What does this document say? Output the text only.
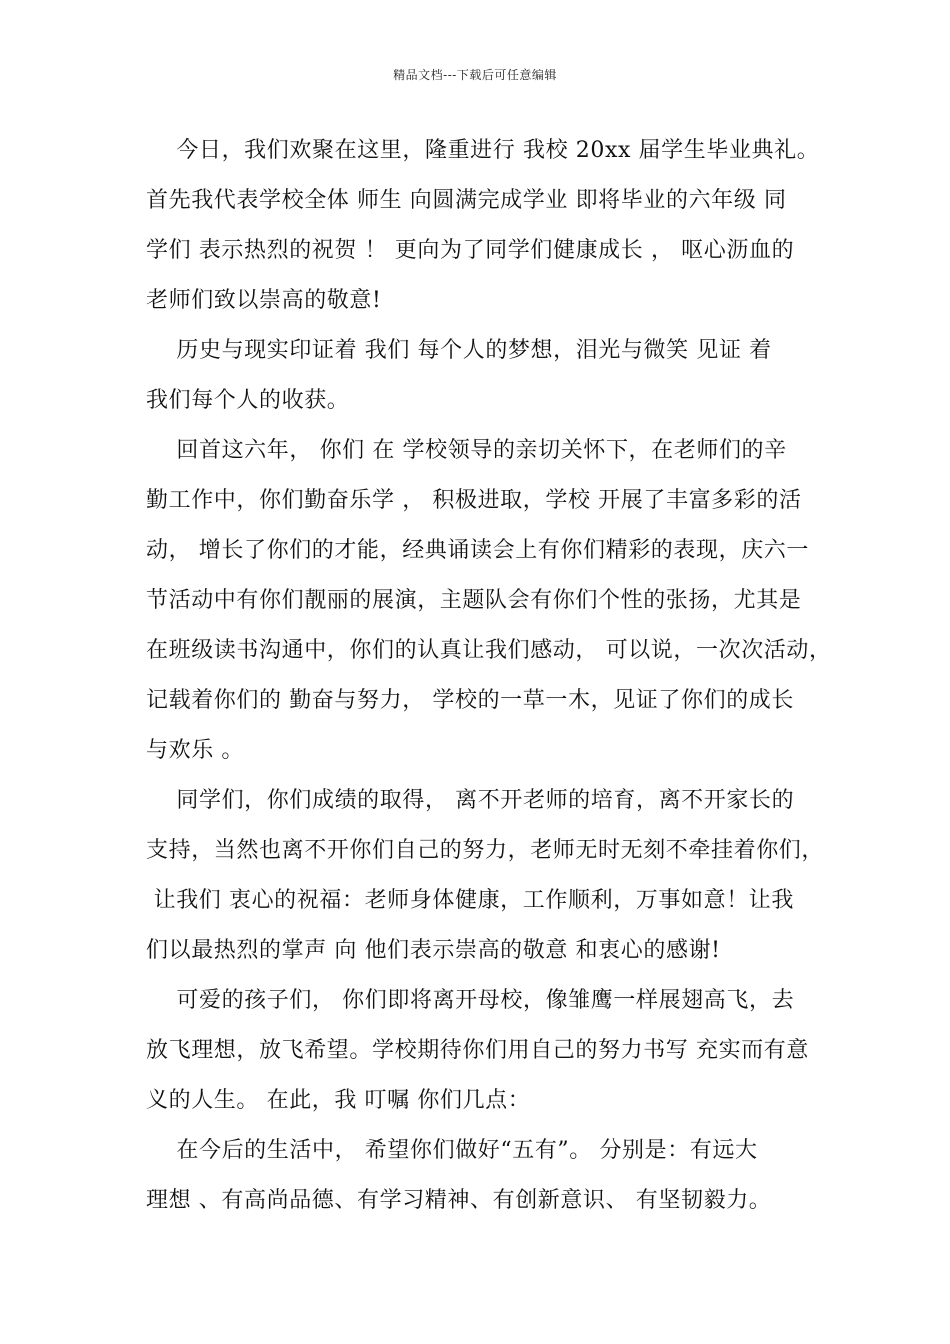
精品文档---下载后可任意编辑
今日，我们欢聚在这里，隆重进行 我校 20xx 届学生毕业典礼。
首先我代表学校全体 师生 向圆满完成学业 即将毕业的六年级 同
学们 表示热烈的祝贺 ！ 更向为了同学们健康成长 ， 呕心沥血的
老师们致以崇高的敬意!
历史与现实印证着 我们 每个人的梦想，泪光与微笑 见证 着
我们每个人的收获。
回首这六年， 你们 在 学校领导的亲切关怀下，在老师们的辛
勤工作中，你们勤奋乐学 ， 积极进取，学校 开展了丰富多彩的活
动， 增长了你们的才能，经典诵读会上有你们精彩的表现，庆六一
节活动中有你们靓丽的展演，主题队会有你们个性的张扬，尤其是
在班级读书沟通中，你们的认真让我们感动， 可以说，一次次活动，
记载着你们的 勤奋与努力， 学校的一草一木，见证了你们的成长
与欢乐 。
同学们，你们成绩的取得， 离不开老师的培育，离不开家长的
支持，当然也离不开你们自己的努力，老师无时无刻不牵挂着你们，
让我们 衷心的祝福：老师身体健康，工作顺利，万事如意！让我
们以最热烈的掌声 向 他们表示崇高的敬意 和衷心的感谢!
可爱的孩子们， 你们即将离开母校，像雏鹰一样展翅高飞，去
放飞理想，放飞希望。学校期待你们用自己的努力书写 充实而有意
义的人生。 在此，我 叮嘱 你们几点：
在今后的生活中， 希望你们做好“五有”。 分别是：有远大
理想 、有高尚品德、有学习精神、有创新意识、 有坚韧毅力。
